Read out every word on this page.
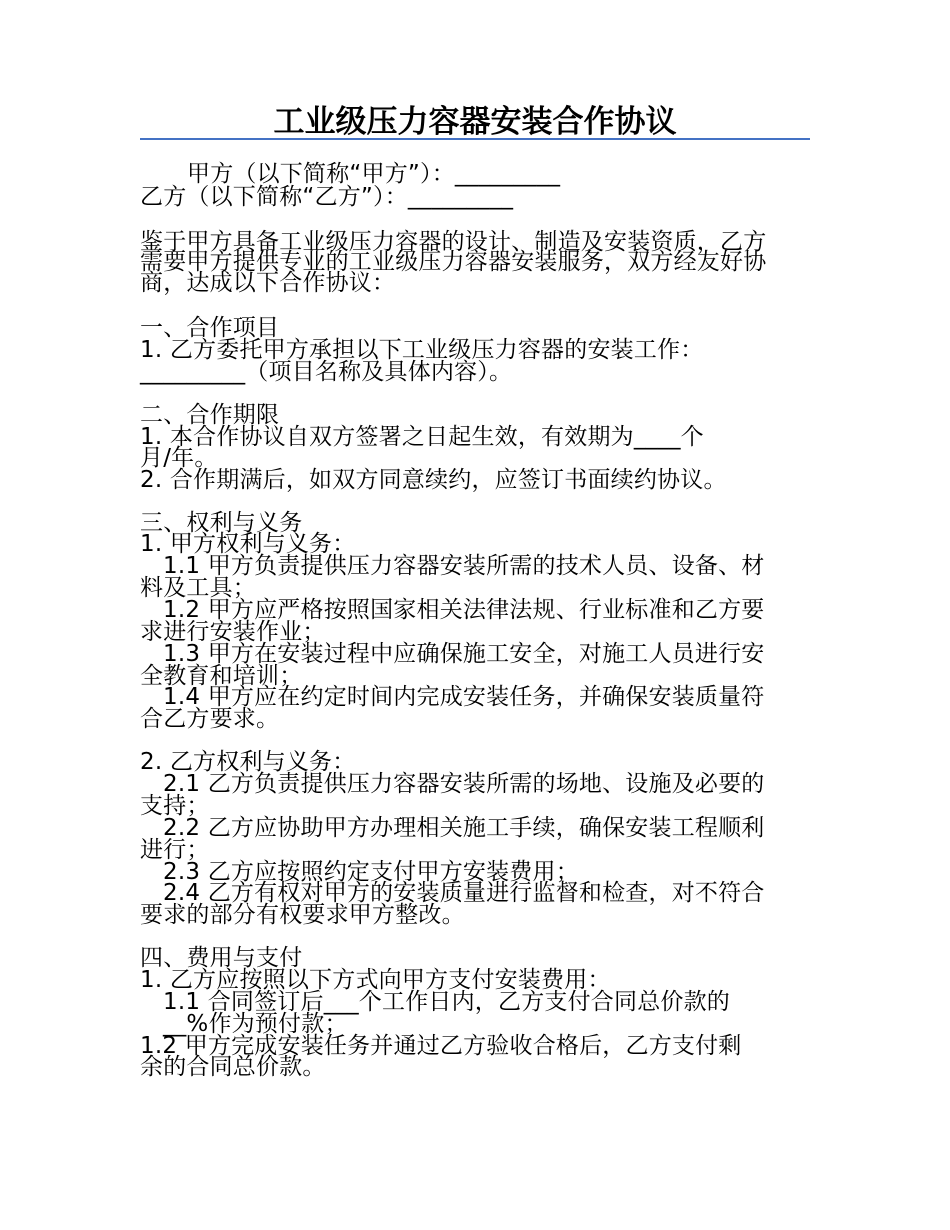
工业级压力容器安装合作协议
甲方（以下简称“甲方”）：_________
乙方（以下简称“乙方”）：_________
鉴于甲方具备工业级压力容器的设计、制造及安装资质，乙方
需要甲方提供专业的工业级压力容器安装服务，双方经友好协
商，达成以下合作协议：
一、合作项目
1. 乙方委托甲方承担以下工业级压力容器的安装工作：
_________（项目名称及具体内容）。
二、合作期限
1. 本合作协议自双方签署之日起生效，有效期为____个
月/年。
2. 合作期满后，如双方同意续约，应签订书面续约协议。
三、权利与义务
1. 甲方权利与义务：
1.1 甲方负责提供压力容器安装所需的技术人员、设备、材
料及工具；
1.2 甲方应严格按照国家相关法律法规、行业标准和乙方要
求进行安装作业；
1.3 甲方在安装过程中应确保施工安全，对施工人员进行安
全教育和培训；
1.4 甲方应在约定时间内完成安装任务，并确保安装质量符
合乙方要求。
2. 乙方权利与义务：
2.1 乙方负责提供压力容器安装所需的场地、设施及必要的
支持；
2.2 乙方应协助甲方办理相关施工手续，确保安装工程顺利
进行；
2.3 乙方应按照约定支付甲方安装费用；
2.4 乙方有权对甲方的安装质量进行监督和检查，对不符合
要求的部分有权要求甲方整改。
四、费用与支付
1. 乙方应按照以下方式向甲方支付安装费用：
1.1 合同签订后___个工作日内，乙方支付合同总价款的
__%作为预付款；
1.2 甲方完成安装任务并通过乙方验收合格后，乙方支付剩
余的合同总价款。
